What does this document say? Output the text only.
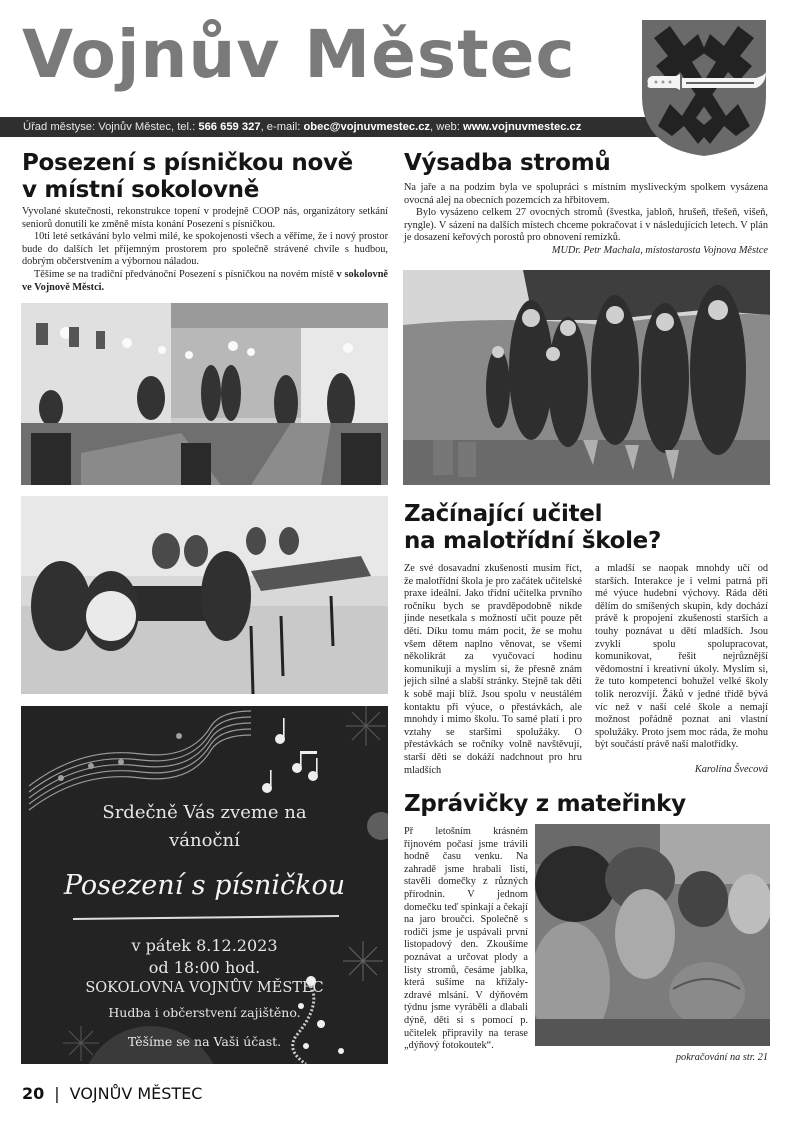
Vojnův Městec
Úřad městyse: Vojnův Městec, tel.: 566 659 327, e-mail: obec@vojnuvmestec.cz, web: www.vojnuvmestec.cz
Posezení s písničkou nově
v místní sokolovně

Vyvolané skutečnosti, rekonstrukce topení v prodejně COOP nás, organizátory setkání seniorů donutili ke změně místa konání Posezení s písničkou.

10ti leté setkávání bylo velmi milé, ke spokojenosti všech a věříme, že i nový prostor bude do dalších let příjemným prostorem pro společně strávené chvíle s hudbou, dobrým občerstvením a výbornou náladou.

Těšíme se na tradiční předvánoční Posezení s písničkou na novém místě v sokolovně ve Vojnově Městci.

Srdečně Vás zveme na
vánoční
Posezení s písničkou
v pátek 8.12.2023
od 18:00 hod.
SOKOLOVNA VOJNŮV MĚSTEC
Hudba i občerstvení zajištěno.
Těšíme se na Vaši účast.
Výsadba stromů

Na jaře a na podzim byla ve spolupráci s místním mysliveckým spolkem vysázena ovocná alej na obecních pozemcích za hřbitovem.

Bylo vysázeno celkem 27 ovocných stromů (švestka, jabloň, hrušeň, třešeň, višeň, ryngle). V sázení na dalších místech chceme pokračovat i v následujících letech. V plán je dosazení keřových porostů pro obnovení remízků.

MUDr. Petr Machala, místostarosta Vojnova Městce

Začínající učitel
na malotřídní škole?
Ze své dosavadní zkušenosti musím říct, že malotřídní škola je pro začátek učitelské praxe ideální. Jako třídní učitelka prvního ročníku bych se pravděpodobně nikde jinde nesetkala s možností učit pouze pět dětí. Díku tomu mám pocit, že se mohu všem dětem naplno věnovat, se všemi několikrát za vyučovací hodinu komunikuji a myslím si, že přesně znám jejich silné a slabší stránky. Stejně tak děti k sobě mají blíž. Jsou spolu v neustálém kontaktu při výuce, o přestávkách, ale mnohdy i mimo školu. To samé platí i pro vztahy se staršími spolužáky. O přestávkách se ročníky volně navštěvují, starší děti se dokáží nadchnout pro hru mladších

a mladší se naopak mnohdy učí od starších. Interakce je i velmi patrná při mé výuce hudební výchovy. Ráda děti dělím do smíšených skupin, kdy dochází právě k propojení zkušenosti starších a touhy poznávat u dětí mladších. Jsou zvyklí spolu spolupracovat, komunikovat, řešit nejrůznější vědomostní i kreativní úkoly. Myslím si, že tuto kompetenci bohužel velké školy tolik nerozvíjí. Žáků v jedné třídě bývá víc než v naší celé škole a nemají možnost pořádně poznat ani vlastní spolužáky. Proto jsem moc ráda, že mohu být součástí právě naší malotřídky.

Karolína Švecová

Zprávičky z mateřinky
Př letošním krásném říjnovém počasí jsme trávili hodně času venku. Na zahradě jsme hrabali listí, stavěli domečky z různých přírodnin. V jednom domečku teď spinkají a čekají na jaro broučci. Společně s rodiči jsme je uspávali první listopadový den. Zkoušíme poznávat a určovat plody a listy stromů, česáme jablka, která sušíme na křížaly- zdravé mlsání. V dýňovém týdnu jsme vyráběli a dlabali dýně, děti si s pomocí p. učitelek připravily na terase „dýňový fotokoutek“.
pokračování na str. 21
20 | VOJNŮV MĚSTEC
